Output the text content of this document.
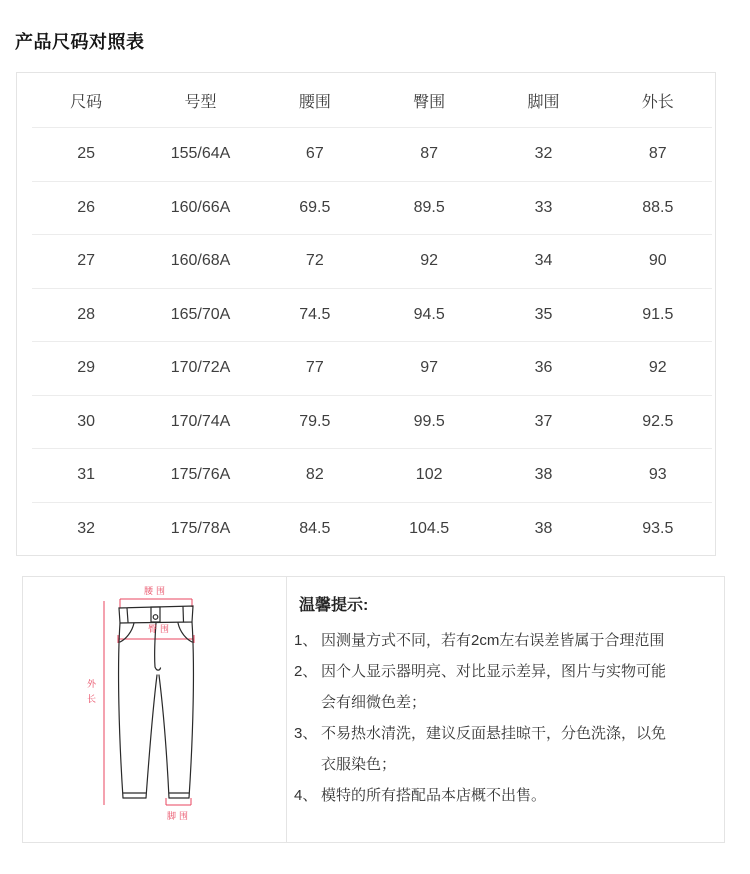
产品尺码对照表
尺码	号型	腰围	臀围	脚围	外长
25	155/64A	67	87	32	87
26	160/66A	69.5	89.5	33	88.5
27	160/68A	72	92	34	90
28	165/70A	74.5	94.5	35	91.5
29	170/72A	77	97	36	92
30	170/74A	79.5	99.5	37	92.5
31	175/76A	82	102	38	93
32	175/78A	84.5	104.5	38	93.5
腰围
臀围
外长
脚围
温馨提示:
1、 因测量方式不同，若有2cm左右误差皆属于合理范围
2、 因个人显示器明亮、对比显示差异，图片与实物可能会有细微色差；
3、 不易热水清洗，建议反面悬挂晾干，分色洗涤，以免衣服染色；
4、 模特的所有搭配品本店概不出售。
